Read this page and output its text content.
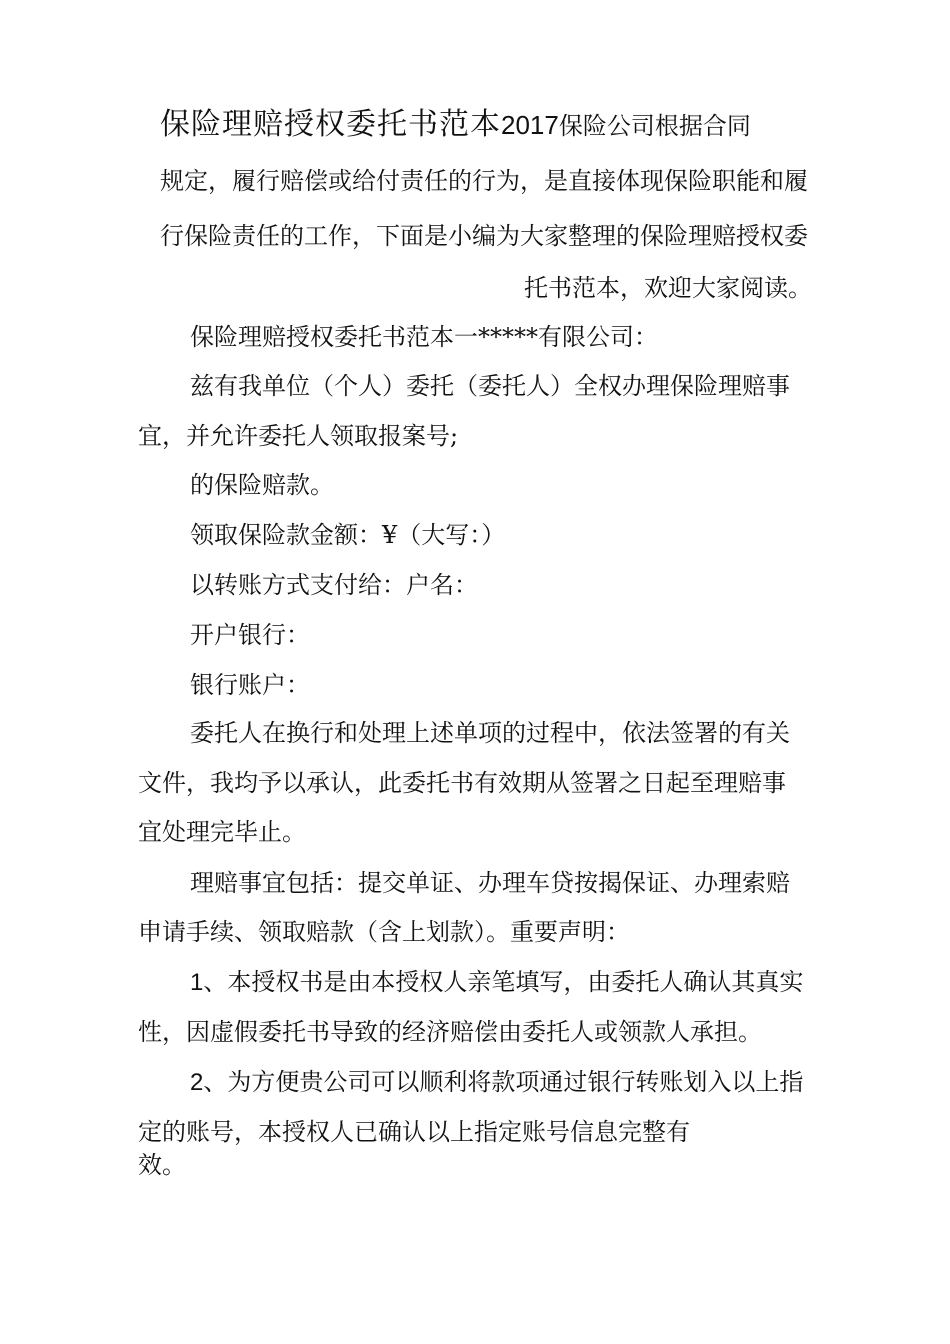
保险理赔授权委托书范本2017保险公司根据合同
规定，履行赔偿或给付责任的行为，是直接体现保险职能和履
行保险责任的工作，下面是小编为大家整理的保险理赔授权委
托书范本，欢迎大家阅读。
保险理赔授权委托书范本一*****有限公司：
兹有我单位（个人）委托（委托人）全权办理保险理赔事
宜，并允许委托人领取报案号;
的保险赔款。
领取保险款金额：¥（大写：）
以转账方式支付给：户名：
开户银行：
银行账户：
委托人在换行和处理上述单项的过程中，依法签署的有关
文件，我均予以承认，此委托书有效期从签署之日起至理赔事
宜处理完毕止。
理赔事宜包括：提交单证、办理车贷按揭保证、办理索赔
申请手续、领取赔款（含上划款）。重要声明：
1、本授权书是由本授权人亲笔填写，由委托人确认其真实
性，因虚假委托书导致的经济赔偿由委托人或领款人承担。
2、为方便贵公司可以顺利将款项通过银行转账划入以上指
定的账号，本授权人已确认以上指定账号信息完整有
效。
